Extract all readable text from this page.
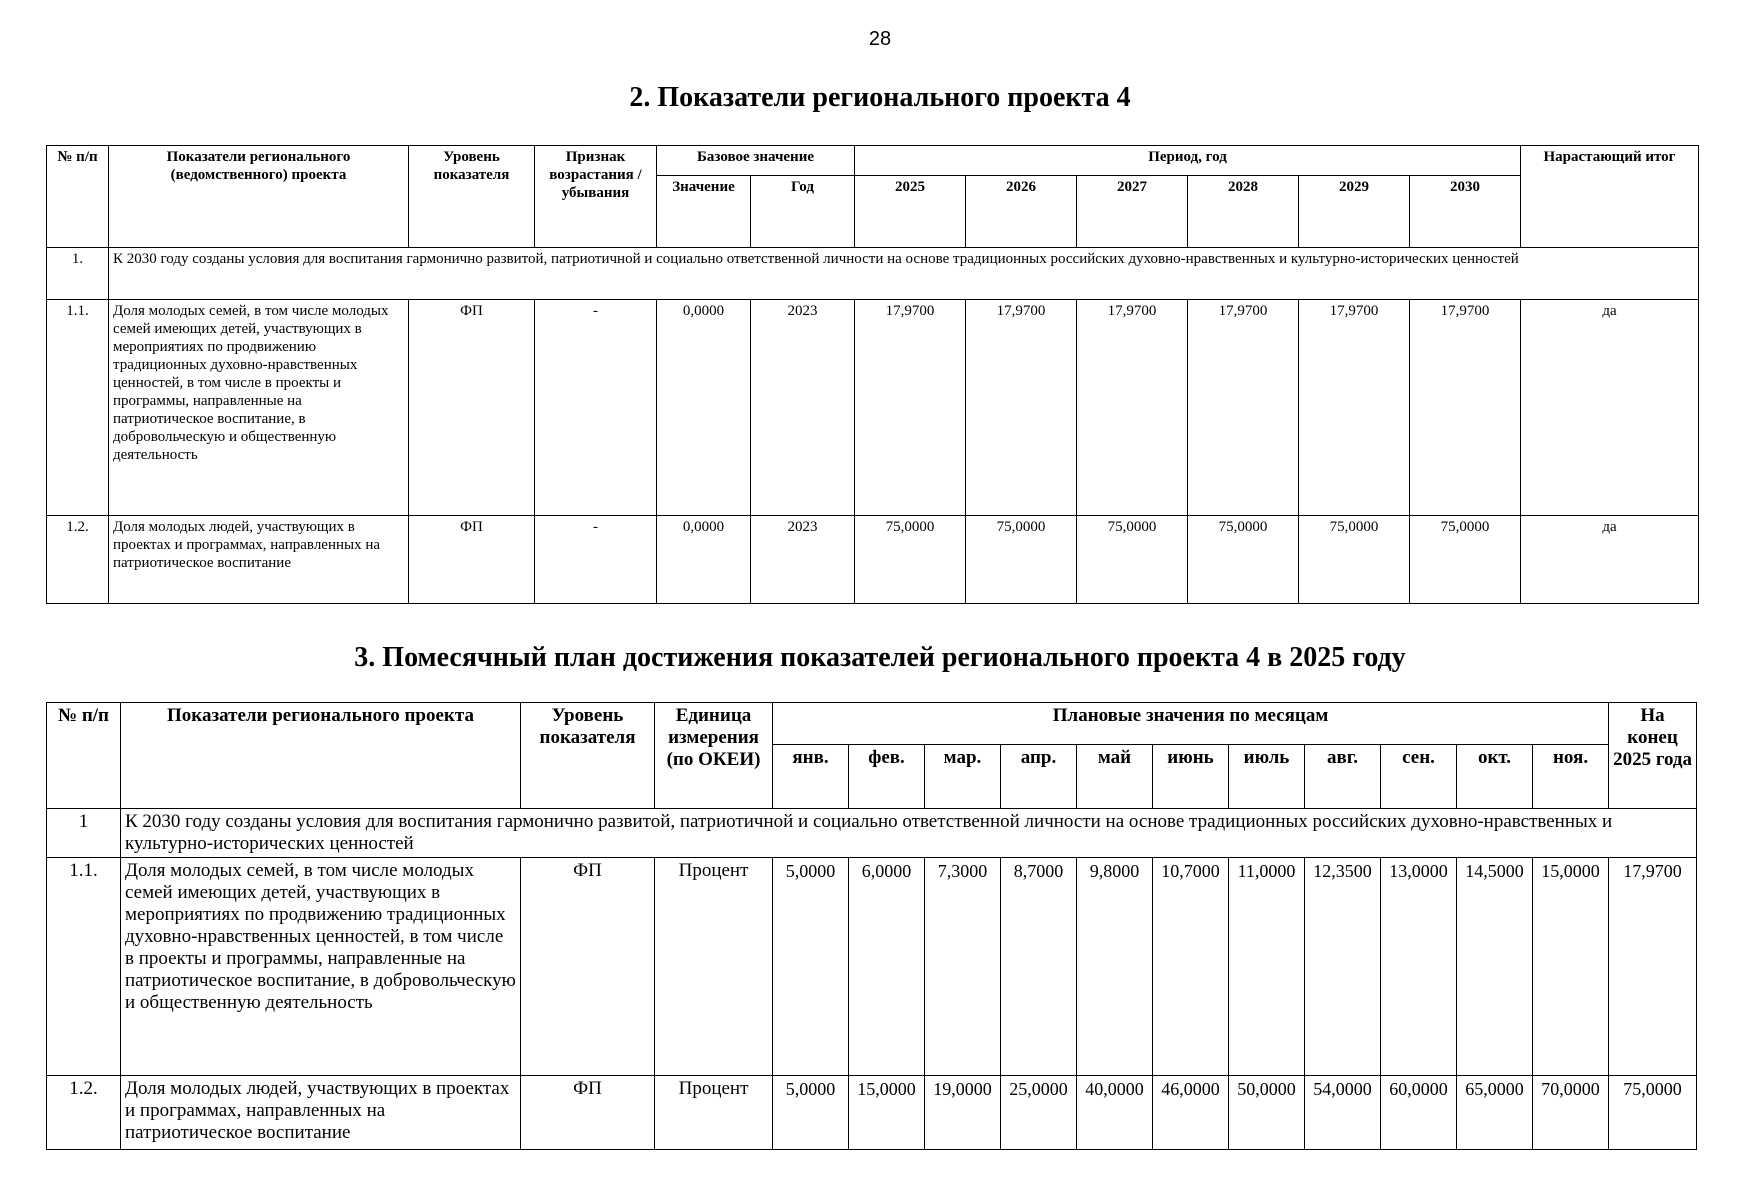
28
2. Показатели регионального проекта 4
№ п/п	Показатели регионального (ведомственного) проекта	Уровень показателя	Признак возрастания / убывания	Базовое значение		Период, год						Нарастающий итог
				Значение	Год	2025	2026	2027	2028	2029	2030	
1.	К 2030 году созданы условия для воспитания гармонично развитой, патриотичной и социально ответственной личности на основе традиционных российских духовно-нравственных и культурно-исторических ценностей											
1.1.	Доля молодых семей, в том числе молодых семей имеющих детей, участвующих в мероприятиях по продвижению традиционных духовно-нравственных ценностей, в том числе в проекты и программы, направленные на патриотическое воспитание, в добровольческую и общественную деятельность	ФП	-	0,0000	2023	17,9700	17,9700	17,9700	17,9700	17,9700	17,9700	да
1.2.	Доля молодых людей, участвующих в проектах и программах, направленных на патриотическое воспитание	ФП	-	0,0000	2023	75,0000	75,0000	75,0000	75,0000	75,0000	75,0000	да
3. Помесячный план достижения показателей регионального проекта 4 в 2025 году
№ п/п	Показатели регионального проекта	Уровень показателя	Единица измерения (по ОКЕИ)	Плановые значения по месяцам											На конец 2025 года
				янв.	фев.	мар.	апр.	май	июнь	июль	авг.	сен.	окт.	ноя.	
1	К 2030 году созданы условия для воспитания гармонично развитой, патриотичной и социально ответственной личности на основе традиционных российских духовно-нравственных и культурно-исторических ценностей														
1.1.	Доля молодых семей, в том числе молодых семей имеющих детей, участвующих в мероприятиях по продвижению традиционных духовно-нравственных ценностей, в том числе в проекты и программы, направленные на патриотическое воспитание, в добровольческую и общественную деятельность	ФП	Процент	5,0000	6,0000	7,3000	8,7000	9,8000	10,7000	11,0000	12,3500	13,0000	14,5000	15,0000	17,9700
1.2.	Доля молодых людей, участвующих в проектах и программах, направленных на патриотическое воспитание	ФП	Процент	5,0000	15,0000	19,0000	25,0000	40,0000	46,0000	50,0000	54,0000	60,0000	65,0000	70,0000	75,0000
